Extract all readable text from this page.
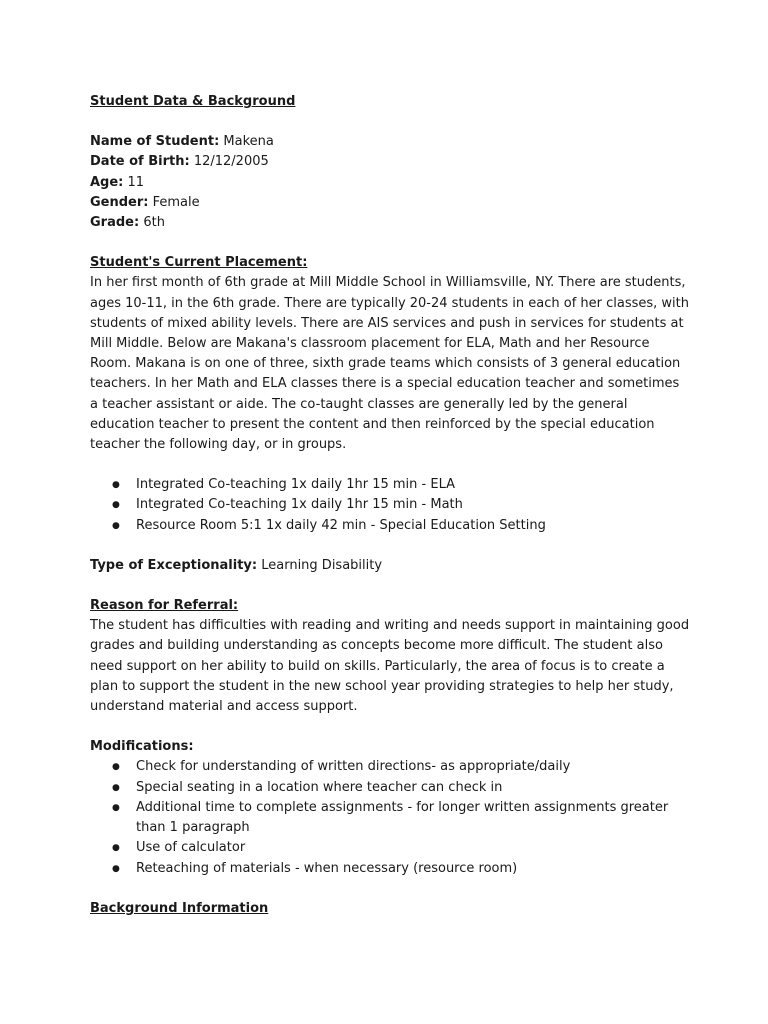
Student Data & Background

Name of Student: Makena

Date of Birth: 12/12/2005

Age: 11

Gender: Female

Grade: 6th

Student's Current Placement:

In her first month of 6th grade at Mill Middle School in Williamsville, NY. There are students, ages 10-11, in the 6th grade. There are typically 20-24 students in each of her classes, with students of mixed ability levels. There are AIS services and push in services for students at Mill Middle. Below are Makana's classroom placement for ELA, Math and her Resource Room. Makana is on one of three, sixth grade teams which consists of 3 general education teachers. In her Math and ELA classes there is a special education teacher and sometimes a teacher assistant or aide. The co-taught classes are generally led by the general education teacher to present the content and then reinforced by the special education teacher the following day, or in groups.

● Integrated Co-teaching 1x daily 1hr 15 min - ELA
● Integrated Co-teaching 1x daily 1hr 15 min - Math
● Resource Room 5:1 1x daily 42 min - Special Education Setting

Type of Exceptionality: Learning Disability

Reason for Referral:

The student has difficulties with reading and writing and needs support in maintaining good grades and building understanding as concepts become more difficult. The student also need support on her ability to build on skills. Particularly, the area of focus is to create a plan to support the student in the new school year providing strategies to help her study, understand material and access support.

Modifications:

● Check for understanding of written directions- as appropriate/daily
● Special seating in a location where teacher can check in
● Additional time to complete assignments - for longer written assignments greater than 1 paragraph
● Use of calculator
● Reteaching of materials - when necessary (resource room)

Background Information
